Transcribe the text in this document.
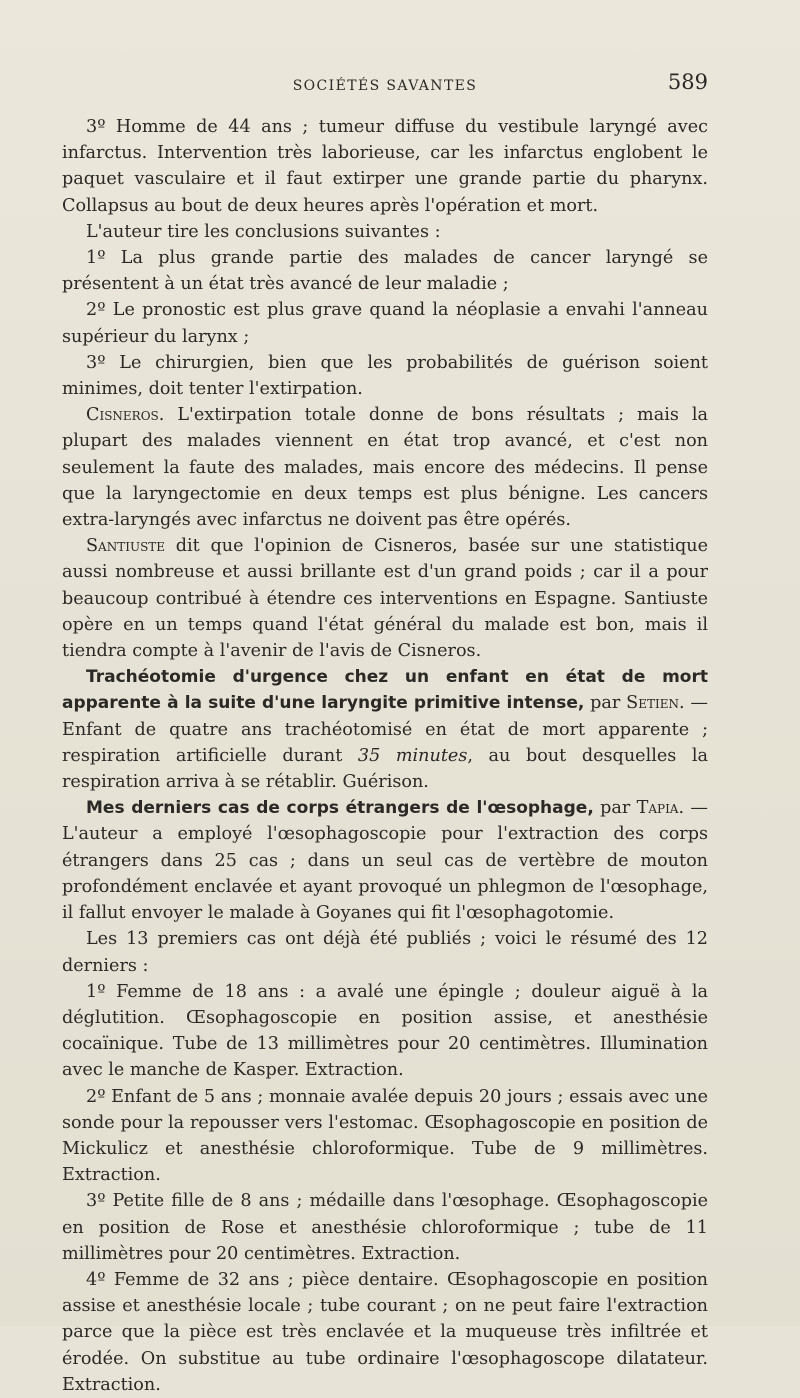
SOCIÉTÉS SAVANTES	589

3º Homme de 44 ans ; tumeur diffuse du vestibule laryngé avec infarctus. Intervention très laborieuse, car les infarctus englobent le paquet vasculaire et il faut extirper une grande partie du pharynx. Collapsus au bout de deux heures après l'opération et mort.

L'auteur tire les conclusions suivantes :

1º La plus grande partie des malades de cancer laryngé se présentent à un état très avancé de leur maladie ;

2º Le pronostic est plus grave quand la néoplasie a envahi l'anneau supérieur du larynx ;

3º Le chirurgien, bien que les probabilités de guérison soient minimes, doit tenter l'extirpation.

Cisneros. L'extirpation totale donne de bons résultats ; mais la plupart des malades viennent en état trop avancé, et c'est non seulement la faute des malades, mais encore des médecins. Il pense que la laryngectomie en deux temps est plus bénigne. Les cancers extra-laryngés avec infarctus ne doivent pas être opérés.

Santiuste dit que l'opinion de Cisneros, basée sur une statistique aussi nombreuse et aussi brillante est d'un grand poids ; car il a pour beaucoup contribué à étendre ces interventions en Espagne. Santiuste opère en un temps quand l'état général du malade est bon, mais il tiendra compte à l'avenir de l'avis de Cisneros.

Trachéotomie d'urgence chez un enfant en état de mort apparente à la suite d'une laryngite primitive intense, par Setien. — Enfant de quatre ans trachéotomisé en état de mort apparente ; respiration artificielle durant 35 minutes, au bout desquelles la respiration arriva à se rétablir. Guérison.

Mes derniers cas de corps étrangers de l'œsophage, par Tapia. — L'auteur a employé l'œsophagoscopie pour l'extraction des corps étrangers dans 25 cas ; dans un seul cas de vertèbre de mouton profondément enclavée et ayant provoqué un phlegmon de l'œsophage, il fallut envoyer le malade à Goyanes qui fit l'œsophagotomie.

Les 13 premiers cas ont déjà été publiés ; voici le résumé des 12 derniers :

1º Femme de 18 ans : a avalé une épingle ; douleur aiguë à la déglutition. Œsophagoscopie en position assise, et anesthésie cocaïnique. Tube de 13 millimètres pour 20 centimètres. Illumination avec le manche de Kasper. Extraction.

2º Enfant de 5 ans ; monnaie avalée depuis 20 jours ; essais avec une sonde pour la repousser vers l'estomac. Œsophagoscopie en position de Mickulicz et anesthésie chloroformique. Tube de 9 millimètres. Extraction.

3º Petite fille de 8 ans ; médaille dans l'œsophage. Œsophagoscopie en position de Rose et anesthésie chloroformique ; tube de 11 millimètres pour 20 centimètres. Extraction.

4º Femme de 32 ans ; pièce dentaire. Œsophagoscopie en position assise et anesthésie locale ; tube courant ; on ne peut faire l'extraction parce que la pièce est très enclavée et la muqueuse très infiltrée et érodée. On substitue au tube ordinaire l'œsophagoscope dilatateur. Extraction.
